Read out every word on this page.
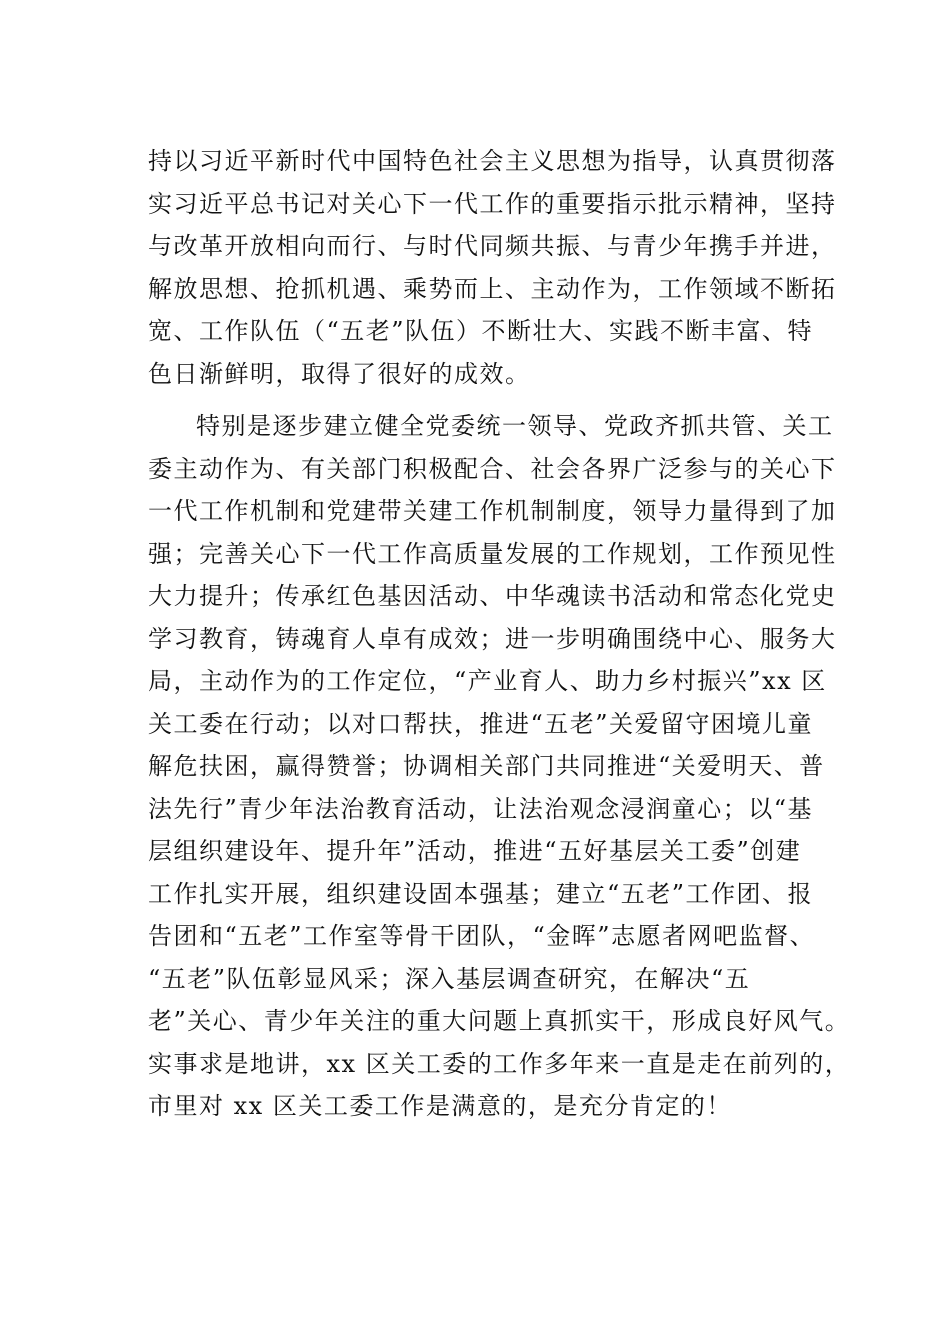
持以习近平新时代中国特色社会主义思想为指导，认真贯彻落
实习近平总书记对关心下一代工作的重要指示批示精神，坚持
与改革开放相向而行、与时代同频共振、与青少年携手并进，
解放思想、抢抓机遇、乘势而上、主动作为，工作领域不断拓
宽、工作队伍（“五老”队伍）不断壮大、实践不断丰富、特
色日渐鲜明，取得了很好的成效。
特别是逐步建立健全党委统一领导、党政齐抓共管、关工
委主动作为、有关部门积极配合、社会各界广泛参与的关心下
一代工作机制和党建带关建工作机制制度，领导力量得到了加
强；完善关心下一代工作高质量发展的工作规划，工作预见性
大力提升；传承红色基因活动、中华魂读书活动和常态化党史
学习教育，铸魂育人卓有成效；进一步明确围绕中心、服务大
局，主动作为的工作定位，“产业育人、助力乡村振兴”xx 区
关工委在行动；以对口帮扶，推进“五老”关爱留守困境儿童
解危扶困，赢得赞誉；协调相关部门共同推进“关爱明天、普
法先行”青少年法治教育活动，让法治观念浸润童心；以“基
层组织建设年、提升年”活动，推进“五好基层关工委”创建
工作扎实开展，组织建设固本强基；建立“五老”工作团、报
告团和“五老”工作室等骨干团队，“金晖”志愿者网吧监督、
“五老”队伍彰显风采；深入基层调查研究，在解决“五
老”关心、青少年关注的重大问题上真抓实干，形成良好风气。
实事求是地讲，xx 区关工委的工作多年来一直是走在前列的，
市里对 xx 区关工委工作是满意的，是充分肯定的！
